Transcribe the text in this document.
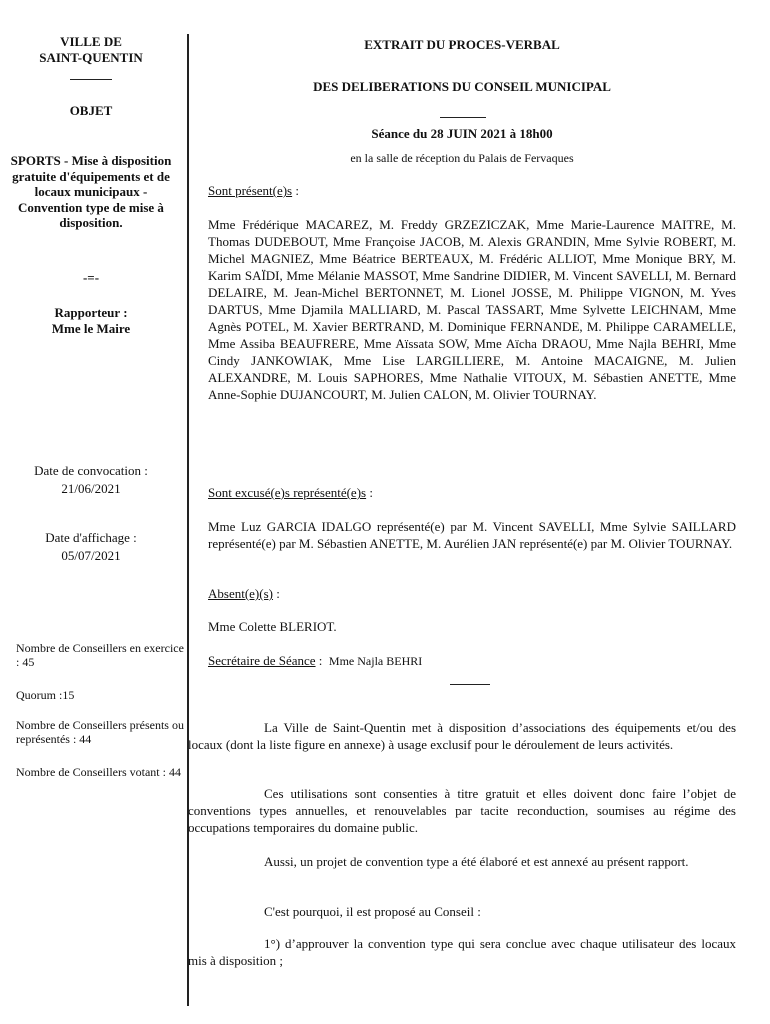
VILLE DE
SAINT-QUENTIN
OBJET
SPORTS - Mise à disposition gratuite d'équipements et de locaux municipaux - Convention type de mise à disposition.
-=-
Rapporteur :
Mme le Maire
Date de convocation :
21/06/2021
Date d'affichage :
05/07/2021
Nombre de Conseillers en exercice : 45
Quorum :15
Nombre de Conseillers présents ou représentés : 44
Nombre de Conseillers votant : 44
EXTRAIT DU PROCES-VERBAL
DES DELIBERATIONS DU CONSEIL MUNICIPAL
Séance du 28 JUIN 2021 à 18h00
en la salle de réception du Palais de Fervaques
Sont présent(e)s :

Mme Frédérique MACAREZ, M. Freddy GRZEZICZAK, Mme Marie-Laurence MAITRE, M. Thomas DUDEBOUT, Mme Françoise JACOB, M. Alexis GRANDIN, Mme Sylvie ROBERT, M. Michel MAGNIEZ, Mme Béatrice BERTEAUX, M. Frédéric ALLIOT, Mme Monique BRY, M. Karim SAÏDI, Mme Mélanie MASSOT, Mme Sandrine DIDIER, M. Vincent SAVELLI, M. Bernard DELAIRE, M. Jean-Michel BERTONNET, M. Lionel JOSSE, M. Philippe VIGNON, M. Yves DARTUS, Mme Djamila MALLIARD, M. Pascal TASSART, Mme Sylvette LEICHNAM, Mme Agnès POTEL, M. Xavier BERTRAND, M. Dominique FERNANDE, M. Philippe CARAMELLE, Mme Assiba BEAUFRERE, Mme Aïssata SOW, Mme Aïcha DRAOU, Mme Najla BEHRI, Mme Cindy JANKOWIAK, Mme Lise LARGILLIERE, M. Antoine MACAIGNE, M. Julien ALEXANDRE, M. Louis SAPHORES, Mme Nathalie VITOUX, M. Sébastien ANETTE, Mme Anne-Sophie DUJANCOURT, M. Julien CALON, M. Olivier TOURNAY.

Sont excusé(e)s représenté(e)s :

Mme Luz GARCIA IDALGO représenté(e) par M. Vincent SAVELLI, Mme Sylvie SAILLARD représenté(e) par M. Sébastien ANETTE, M. Aurélien JAN représenté(e) par M. Olivier TOURNAY.

Absent(e)(s) :
Mme Colette BLERIOT.
Secrétaire de Séance :  Mme Najla BEHRI

La Ville de Saint-Quentin met à disposition d’associations des équipements et/ou des locaux (dont la liste figure en annexe) à usage exclusif pour le déroulement de leurs activités.

Ces utilisations sont consenties à titre gratuit et elles doivent donc faire l’objet de conventions types annuelles, et renouvelables par tacite reconduction, soumises au régime des occupations temporaires du domaine public.

Aussi, un projet de convention type a été élaboré et est annexé au présent rapport.

C'est pourquoi, il est proposé au Conseil :

1°) d’approuver la convention type qui sera conclue avec chaque utilisateur des locaux mis à disposition ;
